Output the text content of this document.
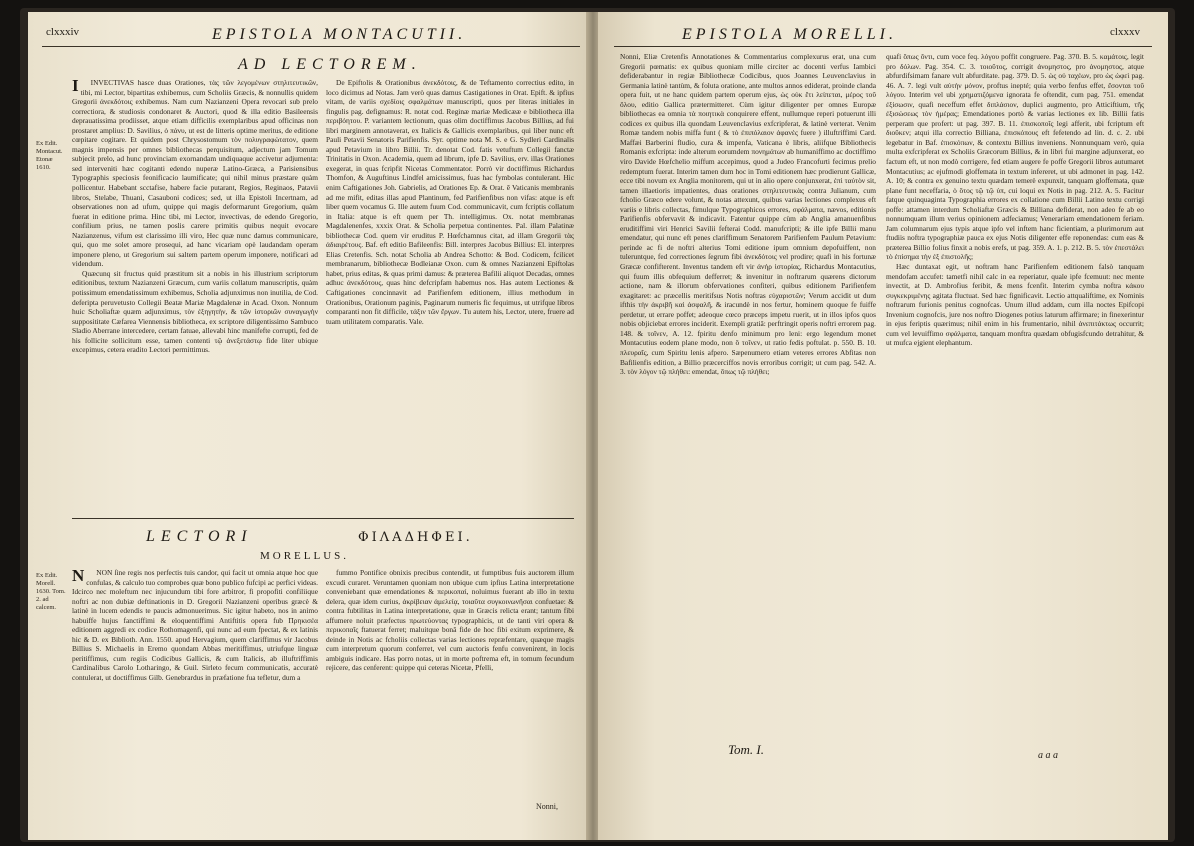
clxxxiv	EPISTOLA MONTACUTII.
AD LECTOREM.
Ex Edit. Montacut. Etonæ 1610.
I	INVECTIVAS hasce duas Orationes, τὰς τῶν λεγομένων στηλιτευτικῶν, tibi, mi Lector, bipartitas exhibemus, cum Scholiis Græcis, & nonnullis quidem Gregorii ἀνεκδότοις exhibemus. Nam cum Nazianzeni Opera revocari sub prelo correctiora, & studiosis condonaret & Auctori, quod & illa editio Basileensis deprauatissima prodiisset, atque etiam difficilis exemplaribus apud officinas non prostaret amplius: D. Savilius, ὁ πάνυ, ut est de litteris optime meritus, de editione cœpitare cogitare. Et quidem post Chrysostomum τὸν πολυγραφώτατον, quem magnis impensis per omnes bibliothecas perquisitum, adjectum jam Tomum subjecit prelo, ad hunc provinciam exornandam undiquaque accivetur adjumenta: sed interveniti hæc cogitanti edendo nuperæ Latino-Græca, a Parisiensibus Typographis speciosis feonificacio laumificate; qui nihil minus præstare quàm pollicentur. Habebant scctafise, habere facie putarant, Regios, Reginaos, Patavii libros, Stelabe, Thuani, Casauboni codices; sed, ut illa Epistoli Incertnam, ad observationes non ad ufum, quippe qui magis deformarunt Gregorium, quàm fuerat in editione prima. Hinc tibi, mi Lector, invectivas, de edendo Gregorio, confilium prius, ne tamen poslis carere primitis quibus nequit evocare Nazianzenus, vifum est clarissimo illi viro, Hec quæ nunc damus communicare, qui, quo me solet amore prosequi, ad hanc vicariam opè laudandam operam imponere pleno, ut Gregorium sui saltem partem operum imponere, notificari ad videndum.

Quæcunq sit fructus quid præstitum sit a nobis in his illustrium scriptorum editionibus, textum Nazianzeni Græcum, cum variis collatum manuscriptis, quàm potissimum emendatissimum exhibemus, Scholia adjunximus non inutilia, de Cod. deferipta peruvetusto Collegii Beatæ Mariæ Magdalenæ in Acad. Oxon. Nonnum huic Scholiaftæ quæm adjunximus, τὸν ἐξηγητὴν, & τῶν ἱστοριῶν συναγωγὴν supposititate Cæfarea Viennensis bibliotheca, ex scriptore diligentissimo Sambuco Sladio Aberrane intercedere, certam fatuae, allevabi hinc manifefte corrupti, fed de his follicite sollicitum esse, tamen contenti τῷ ἀνεξετάστῳ fide liter ubique excepimus, cetera eradito Lectori permittimus.

De Epiftolis & Orationibus ἀνεκδότοις, & de Teftamento correctius edito, in loco dicimus ad Notas. Jam verò quas damus Castigationes in Orat. Epift. & ipfius vitam, de variis σχεδίοις σφαλμάτων manuscripti, quos per literas initiales in fingulis pag. defignamus: R. notat cod. Reginæ mariæ Medicææ e bibliotheca illa περιβόητου. P. variantem lectionum, quas olim doctiffimus Jacobus Billius, ad fui libri marginem annotaverat, ex Italicis & Gallicis exemplaribus, qui liber nunc eft Pauli Petavii Senatoris Parifienfis. Syr. optime nota M. S. e G. Sydleri Cardinalis apud Petavium in libro Billii. Tr. denotat Cod. fatis vetuftum Collegii fanctæ Trinitatis in Oxon. Academia, quem ad librum, ipfe D. Savilius, erv. illas Orationes exegerat, in quas fcripfit Nicetas Commentator. Porrò vir doctiffimus Richardus Thomfon, & Auguftinus Lindfel amicissimus, fuas hac fymbolas contulerant. Hic enim Caftigationes Joh. Gabrielis, ad Orationes Ep. & Orat. ē Vaticanis membranis ad me mifit, editas illas apud Plantinum, fed Parifienfibus non vifas: atque is eft liber quem vocamus G. Ille autem fuum Cod. communicavit, cum fcriptis collatum in Italia: atque is eft quem per Th. intelligimus. Ox. notat membranas Magdalenenfes, xxxix Orat. & Scholia perpetua continentes. Pal. illam Palatinæ bibliothecæ Cod. quem vir eruditus P. Hœfchamnus citat, ad illam Gregorii τὰς ἀδιαιρέτους. Baf. eft editio Bafileenfis: Bill. interpres Jacobus Billius: El. interpres Elias Cretenfis. Sch. notat Scholia ab Andrea Schotto: & Bod. Codicem, fcilicet membranarum, bibliothecæ Bodleianæ Oxon. cum & omnes Nazianzeni Epiftolas habet, prius editas, & quas primi damus: & præterea Bafilii aliquot Decadas, omnes adhuc ἀνεκδότους, quas hinc defcripfam habemus nos. Has autem Lectiones & Caftigationes concinnavit ad Parifienfem editionem, illius methodum in Orationibus, Orationum paginis, Paginarum numeris fic fequimus, ut utrifque libros comparanti non fit difficile, τάξιν τῶν ἔργων. Tu autem his, Lector, utere, fruere ad tuam utilitatem comparatis. Vale.

LECTORI	ΦΙΛΑΔΗΦΕΙ.
MORELLUS.
Ex Edit. Morell. 1630. Tom. 2. ad calcem.
N	NON ſine regis nos perfectis tuis candor, qui facit ut omnia atque hoc que confulas, & calculo tuo comprobes quæ bono publico fufcipi ac perfici videas. Idcirco nec moleftum nec injucundum tibi fore arbitror, fi propofiti confiliique noftri ac non dubiæ deftinationis in D. Gregorii Nazianzeni operibus græcè & latinè in lucem edendis te paucis admonuerimus. Sic igitur habeto, nos in animo habuiffe hujus fanctiffimi & eloquentiffimi Antiftitis opera fub Πρηκισέα editionem aggredi ex codice Rothomagenfi, qui nunc ad eum fpectat, & ex latinis hic & D. ex Biblioth. Ann. 1550. apud Hervagium, quem clariffimus vir Jacobus Billius S. Michaelis in Eremo quondam Abbas meritiffimus, utriufque linguæ peritiffimus, cum regiis Codicibus Gallicis, & cum Italicis, ab illuftriffimis Cardinalibus Carolo Lotharingo, & Guil. Sirleto fecum communicatis, accuratè contulerat, ut doctiffimus Gilb. Genebrardus in præfatione fua tefletur, dum a

fummo Pontifice obnixis precibus contendit, ut fumptibus fuis auctorem illum excudi curaret. Veruntamen quoniam non ubique cum ipfius Latina interpretatione conveniebant quæ emendationes & περικοπαί, noluimus fuerant ab illo in textu delera, quæ idem curius, ἀκρίβειαν ἀμελείᾳ, τοιαῦτα συγκοινωνῆσαι confuetae: & contra fubtilitas in Latina interpretatione, quæ in Græcis relicta erant; tantum fibi affumere noluit præfectus πρωτεύοντας typographicis, ut de tanti viri opera & περικοπαῖς ftatuerat ferret; maluitque bonâ fide de hoc fibi exitum exprimere, & deinde in Notis ac fcholiis collectas varias lectiones repræfentare, quæque magis cum interpretum quorum conferret, vel cum auctoris fenfu convenirent, in locis ambiguis indicare. Has porro notas, ut in morte poftrema eft, in tomum fecundum rejicere, das cenferent: quippe qui ceteras Nicetæ, Pfelli,

Nonni,
EPISTOLA MORELLI.	clxxxv

Nonni, Eliæ Cretenfis Annotationes & Commentarius complexurus erat, una cum Gregorii pœmatis: ex quibus quoniam mille circiter ac docenti verfus Iambici defiderabantur in regiæ Bibliothecæ Codicibus, quos Joannes Leuvenclavius in Germania latinè tantùm, & foluta oratione, ante multos annos ediderat, proinde clanda opera fuit, ut ne hanc quidem partem operum ejus, ὡς οὐκ ἔτι λείπεται, μέρος τοῦ ὅλου, editio Gallica prætermitteret. Cùm igitur diligenter per omnes Europæ bibliothecas ea omnia τὰ ποιητικὰ conquirere effent, nullumque reperi potuerunt illi codices ex quibus illa quondam Leuvenclavius exfcripferat, & latinè verterat. Venim Romæ tandem nobis miffa funt ( & τὸ ἐπιπόλαιον ἀφανὲς fuere ) illuftriffimi Card. Maffæi Barberini fludio, cura & impenfa, Vaticana è libris, aliifque Bibliothecis Romanis exfcripta: inde alterum eorumdem πονημάτων ab humaniffimo ac doctiffimo viro Davide Hœfchelio miffum accepimus, quod a Judeo Francofurti fecimus prelio redemptum fuerat. Interim tamen dum hoc in Tomi editionem hæc prodierunt Gallicæ, ecce tibi novum ex Anglia monitorem, qui ut in alio opere conjunxerat, ἐπὶ ταὐτὸν sit, tamen illaetioris impatientes, duas orationes στηλιτευτικὰς contra Julianum, cum fcholio Græco edere volunt, & notas attexunt, quibus varias lectiones complexus eft variis e libris collectas, fimulque Typographicos errores, σφάλματα, nævos, editionis Parifienfis obfervavit & indicavit. Fatentur quippe cùm ab Anglia amanuenfibus eruditiffimi viri Henrici Savilii fefterai Codd. manufcripti; & ille ipfe Billii manu emendatur, qui nunc eft penes clariffimum Senatorem Parifienfem Paulum Petavium: perinde ac fi de noftri alterius Tomi editione ipum omnium depofuiffent, non tuleruntque, fed correctiones ſegrum fibi ἀνεκδότοις vel prodire; quafi in his fortunæ Græcæ confifterent. Inventus tandem eft vir ἀνήρ ἱστορίας, Richardus Montacutius, qui fuum illis obfequium defferret; & invenitur in noftrarum quærens dictorum actione, nam & illorum obfervationes confiteri, quibus editionem Parifienfem exagitaret: ac præcellis meritifsus Notis noftras εὐχαριστῶν; Verum accidit ut dum ifthis τὴν ἀκριβῆ καὶ ἀσφαλῆ, & iracundè in nos fertur, hominem quoque fe fuiffe perdetur, ut errare poffet; adeoque cœco præceps impetu ruerit, ut in illos ipfos quos nobis objiciebat errores inciderit. Exempli gratiâ: perftringit operis noftri errorem pag. 148. & τοῖνεν, A. 12. fpiritu denfo minimum pro leni: ergo legendum monet Montacutius eodem plane modo, non ὅ τοῖνεν, ut ratio fedis poftulat. p. 550. B. 10. πλευραῖς, cum Spiritu lenis afpero. Sæpenumero etiam veteres errores Abfitas non Bafilienfis edition, a Billio præcerciffos novis erroribus corrigit; ut cum pag. 542. A. 3. τὸν λόγον τῷ πλήθει: emendat, ὅπως τῷ πλήθει;

quafi ὅπως ὄντι, cum voce feq. λόγου poffit congruere. Pag. 370. B. 5. καμάτοις, legit pro δόλων. Pag. 354. C. 3. τοιοῦτος, corrigit ἀνομηστος, pro ἀνομηστος, atque abfurdifsimam fanare vult abfurditate. pag. 379. D. 5. ὡς οὐ ταχέων, pro ὡς ὠφεὶ pag. 46. A. 7. legi vult αὐτὴν μόνον, proftus inepté; quia verbo fenfus effet, ἔσονται τοῦ λόγου. Interim vel ubi χρηματιζόμενα ignorata fe oftendit, cum pag. 751. emendat ἐξίσωσιν, quafi neceffum effet διπλάσιον, duplici augmento, pro Atticiftium, τῆς ἐξισώσεως τὸν ἡμέρας; Emendationes portò & varias lectiones ex lib. Billii fatis perperam que profert: ut pag. 397. B. 11. ἐπισκοποῖς legi afferit, ubi fcriptum eft διοῦκεν; atqui illa correctio Billiana, ἐπισκόπους eft fefetendo ad lin. d. c. 2. ubi legebatur in Baf. ἐπισκόπων, & contextu Billius inveniens. Nonnunquam verò, quia multa exfcripferat ex Scholiis Græcorum Billius, & in libri fui margine adjunxerat, eo factum eft, ut non modò corrigere, fed etiam augere fe poffe Gregorii libros autumaret Montacutius; ac ejufmodi gloffemata in textum infereret, ut ubi admonet in pag. 142. A. 10; & contra ex genuino textu quædam temerè expunxit, tanquam gloffemata, quæ plane funt neceffaria, ὁ ὅτος τῷ τῷ ὑπ, cui loqui ex Notis in pag. 212. A. 5. Facitur fatque quinquaginta Typographia errores ex collatione cum Billii Latino textu corrigi poffe: attamen interdum Scholiaftæ Græcis & Billiana defiderat, non adeo fe ab eo nonnumquam illum verius opinionem adfeciamus; Venerariam emendationem feriam. Jam columnarum ejus typis atque ipfo vel inftem hanc ficientiam, a plurimorum aut ftudiis noftra typographiæ pauca ex ejus Notis diligenter effe reponendas: cum eas & præterea Billio folius finxit a nobis erefs, ut pag. 359. A. 1. p. 212. B. 5. τὸν ἐπεστάλει τὸ ἐπίσημα τὴν ἐξ ἐπιστολῆς;

Hæc duntaxat egit, ut noftram hanc Parifienfem editionem falsò tanquam mendofam accufet: tametfi nihil calc in ea reperiatur, quale ipfe fcemuut: nec mente invectit, at D. Ambrofius feribit, & mens fcenfit. Interim cymba noftra κάκου συγκεκριμένης agitata fluctuat. Sed hæc fignificavit. Lectio attqualiftime, ex Nominis noftrarum furionis penitus cognofcas. Unum illud addam, cum illa noctes Epifcopi Invenium cognofcis, jure nos noftro Diogenes potius laturum affirmare; in finexerintur in ejus feriptis quærimus; nihil enim in his frumentario, nihil ἀνεπιτάκτως occurrit; cum vel levuiffimo σφάλματα, tanquam monftra quædam obfugisfcundo detrahitur, & ut mufca ejgient elephantum.

Tom. I.	a a a
